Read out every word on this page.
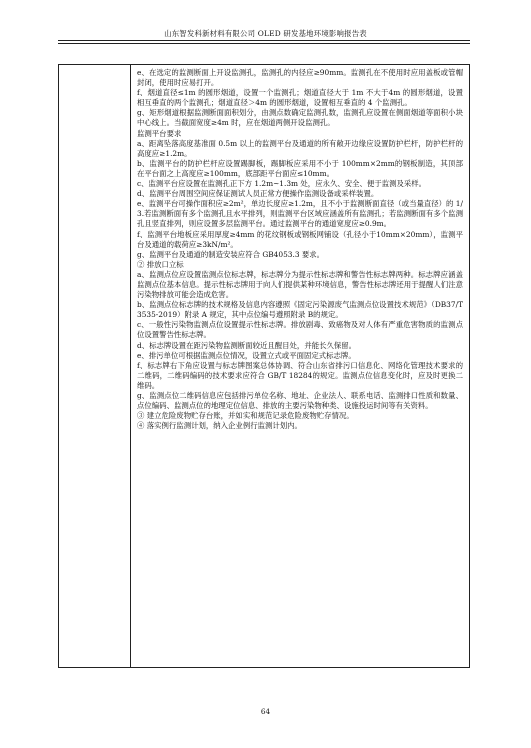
山东智发科新材料有限公司 OLED 研发基地环境影响报告表

e、在选定的监测断面上开设监测孔，监测孔的内径应≥90mm。监测孔在不使用时应用盖板或管帽封闭，使用时应易打开。

f、烟道直径≤1m 的圆形烟道，设置一个监测孔；烟道直径大于 1m 不大于4m 的圆形烟道，设置相互垂直的两个监测孔；烟道直径＞4m 的圆形烟道，设置相互垂直的 4 个监测孔。

g、矩形烟道根据监测断面面积划分，由测点数确定监测孔数，监测孔应设置在侧面烟道等面积小块中心线上。当截面宽度≥4m 时，应在烟道两侧开设监测孔。

监测平台要求

a、距离坠落高度基准面 0.5m 以上的监测平台及通道的所有敞开边缘应设置防护栏杆，防护栏杆的高度应≥1.2m。

b、监测平台的防护栏杆应设置踢脚板，踢脚板应采用不小于 100mm×2mm的钢板制造，其顶部在平台面之上高度应≥100mm，底部距平台面应≤10mm。

c、监测平台应设置在监测孔正下方 1.2m~1.3m 处，应永久、安全、便于监测及采样。

d、监测平台周围空间应保证测试人员正常方便操作监测设备或采样装置。

e、监测平台可操作面积应≥2m²，单边长度应≥1.2m，且不小于监测断面直径（或当量直径）的 1/3.若监测断面有多个监测孔且水平排列，则监测平台区域应涵盖所有监测孔；若监测断面有多个监测孔且竖直排列，则应设置多层监测平台。通过监测平台的通道宽度应≥0.9m。

f、监测平台地板应采用厚度≥4mm 的花纹钢板或钢板网铺设（孔径小于10mm×20mm），监测平台及通道的载荷应≥3kN/m²。

g、监测平台及通道的制造安装应符合 GB4053.3 要求。

② 排放口立标

a、监测点位应设置监测点位标志牌，标志牌分为提示性标志牌和警告性标志牌两种。标志牌应涵盖监测点位基本信息。提示性标志牌用于向人们提供某种环境信息，警告性标志牌还用于提醒人们注意污染物排放可能会造成危害。

b、监测点位标志牌的技术规格及信息内容遵照《固定污染源废气监测点位设置技术规范》（DB37/T3535-2019）附录 A 规定，其中点位编号遵照附录 B的规定。

c、一般性污染物监测点位设置提示性标志牌。排放剧毒、致癌物及对人体有严重危害物质的监测点位设置警告性标志牌。

d、标志牌设置在距污染物监测断面较近且醒目处，并能长久保留。

e、排污单位可根据监测点位情况，设置立式或平面固定式标志牌。

f、标志牌右下角应设置与标志牌图案总体协调、符合山东省排污口信息化、网络化管理技术要求的二维码，二维码编码的技术要求应符合 GB/T 18284的规定。监测点位信息变化时，应及时更换二维码。

g、监测点位二维码信息应包括排污单位名称、地址、企业法人、联系电话、监测排口性质和数量、点位编码、监测点位的地理定位信息、排放的主要污染物种类、设施投运时间等有关资料。

③ 建立危险废物贮存台账，并如实和规范记录危险废物贮存情况。

④ 落实例行监测计划，纳入企业例行监测计划内。

64
